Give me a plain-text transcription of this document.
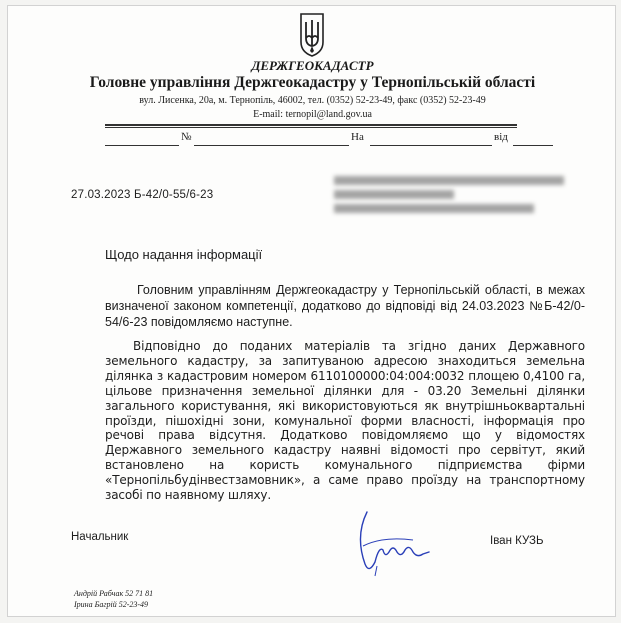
ДЕРЖГЕОКАДАСТР
Головне управління Держгеокадастру у Тернопільській області
вул. Лисенка, 20а, м. Тернопіль, 46002, тел. (0352) 52-23-49, факс (0352) 52-23-49
E-mail: ternopil@land.gov.ua
№	На	від
27.03.2023 Б-42/0-55/6-23
Щодо надання інформації
Головним управлінням Держгеокадастру у Тернопільській області, в межах визначеної законом компетенції, додатково до відповіді від 24.03.2023 №Б-42/0-54/6-23 повідомляємо наступне.
Відповідно до поданих матеріалів та згідно даних Державного земельного кадастру, за запитуваною адресою знаходиться земельна ділянка з кадастровим номером 6110100000:04:004:0032 площею 0,4100 га, цільове призначення земельної ділянки для - 03.20 Земельні ділянки загального користування, які використовуються як внутрішньоквартальні проїзди, пішохідні зони, комунальної форми власності, інформація про речові права відсутня. Додатково повідомляємо що у відомостях Державного земельного кадастру наявні відомості про сервітут, який встановлено на користь комунального підприємства фірми «Тернопільбудінвестзамовник», а саме право проїзду на транспортному засобі по наявному шляху.
Начальник	Іван КУЗЬ
Андрій Рабчак 52 71 81
Ірина Багрій 52-23-49
